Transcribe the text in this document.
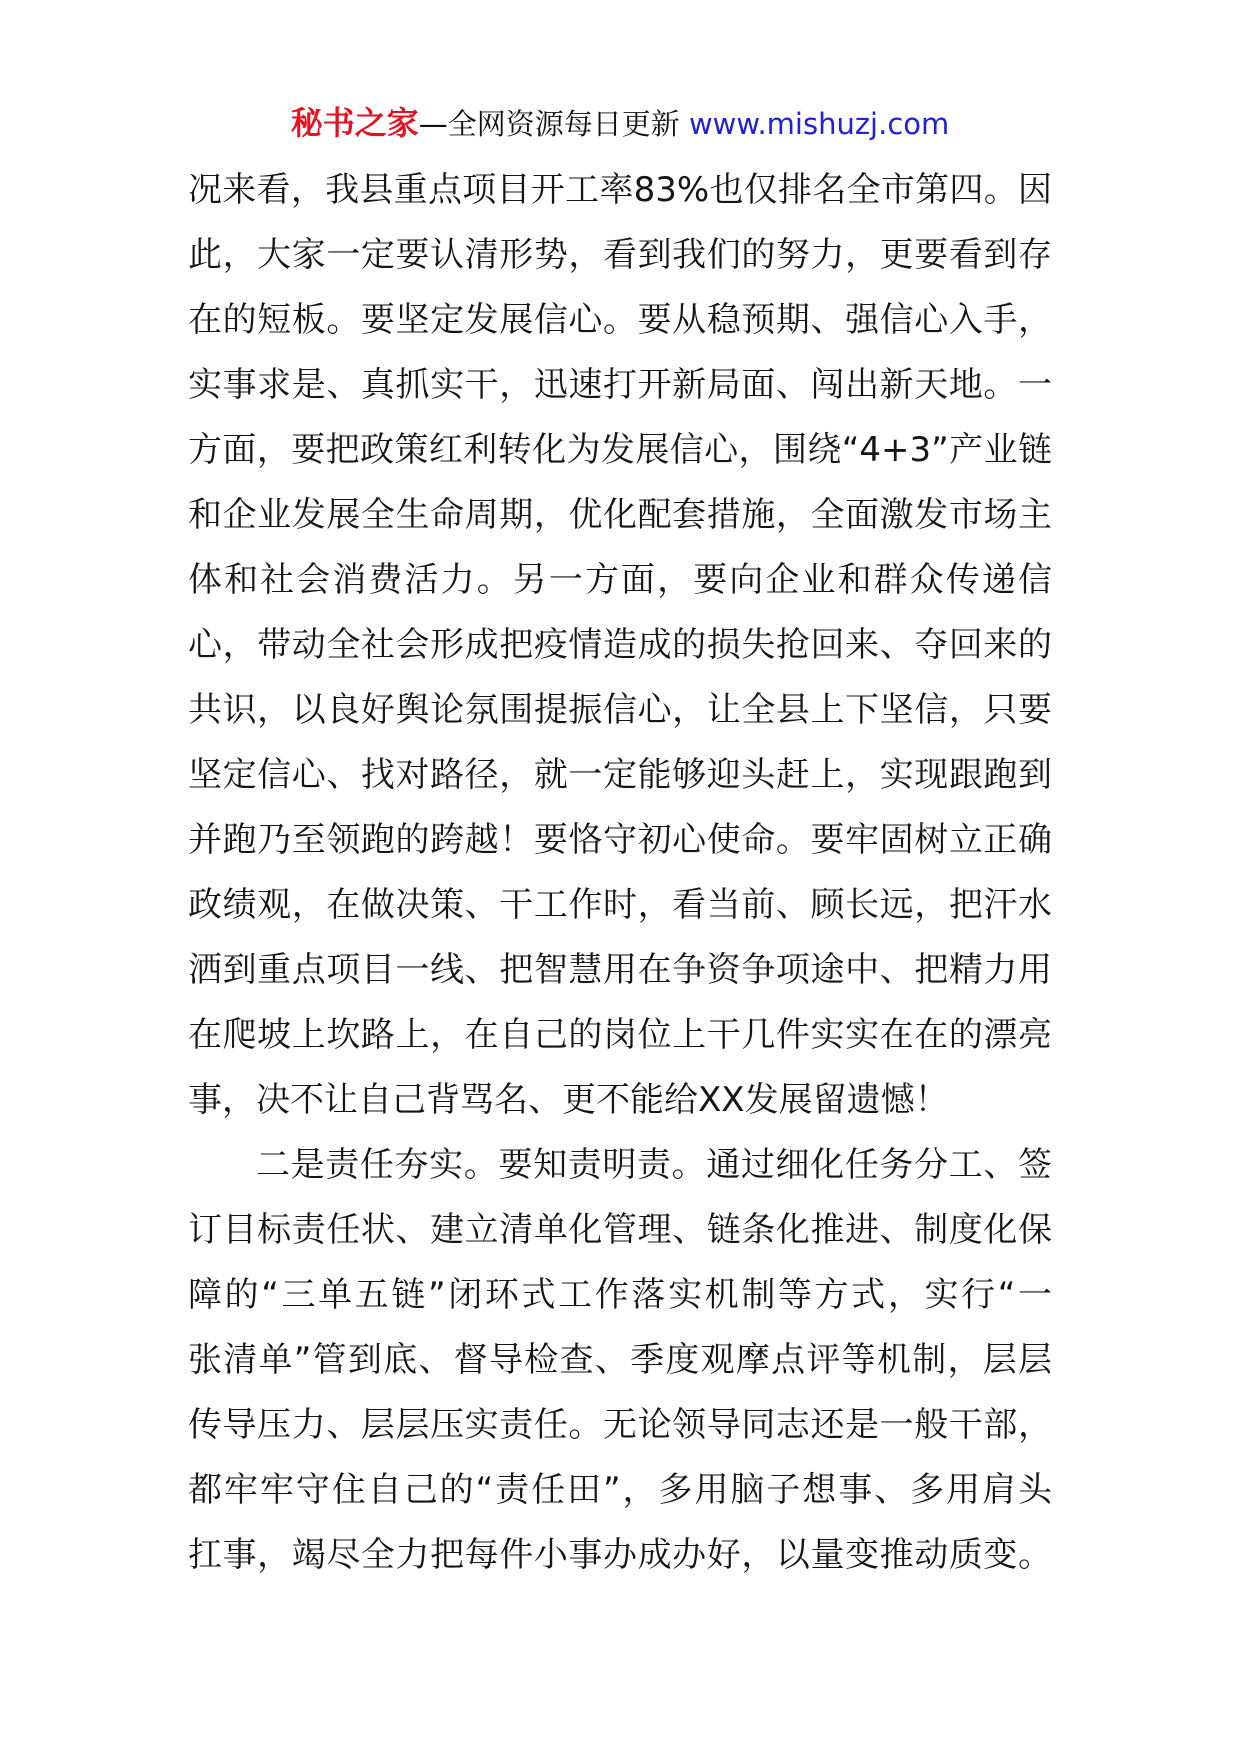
秘书之家—全网资源每日更新 www.mishuzj.com
况来看，我县重点项目开工率83%也仅排名全市第四。因
此，大家一定要认清形势，看到我们的努力，更要看到存
在的短板。要坚定发展信心。要从稳预期、强信心入手，
实事求是、真抓实干，迅速打开新局面、闯出新天地。一
方面，要把政策红利转化为发展信心，围绕“4+3”产业链
和企业发展全生命周期，优化配套措施，全面激发市场主
体和社会消费活力。另一方面，要向企业和群众传递信
心，带动全社会形成把疫情造成的损失抢回来、夺回来的
共识，以良好舆论氛围提振信心，让全县上下坚信，只要
坚定信心、找对路径，就一定能够迎头赶上，实现跟跑到
并跑乃至领跑的跨越！要恪守初心使命。要牢固树立正确
政绩观，在做决策、干工作时，看当前、顾长远，把汗水
洒到重点项目一线、把智慧用在争资争项途中、把精力用
在爬坡上坎路上，在自己的岗位上干几件实实在在的漂亮
事，决不让自己背骂名、更不能给XX发展留遗憾！
二是责任夯实。要知责明责。通过细化任务分工、签
订目标责任状、建立清单化管理、链条化推进、制度化保
障的“三单五链”闭环式工作落实机制等方式，实行“一
张清单”管到底、督导检查、季度观摩点评等机制，层层
传导压力、层层压实责任。无论领导同志还是一般干部，
都牢牢守住自己的“责任田”，多用脑子想事、多用肩头
扛事，竭尽全力把每件小事办成办好，以量变推动质变。
